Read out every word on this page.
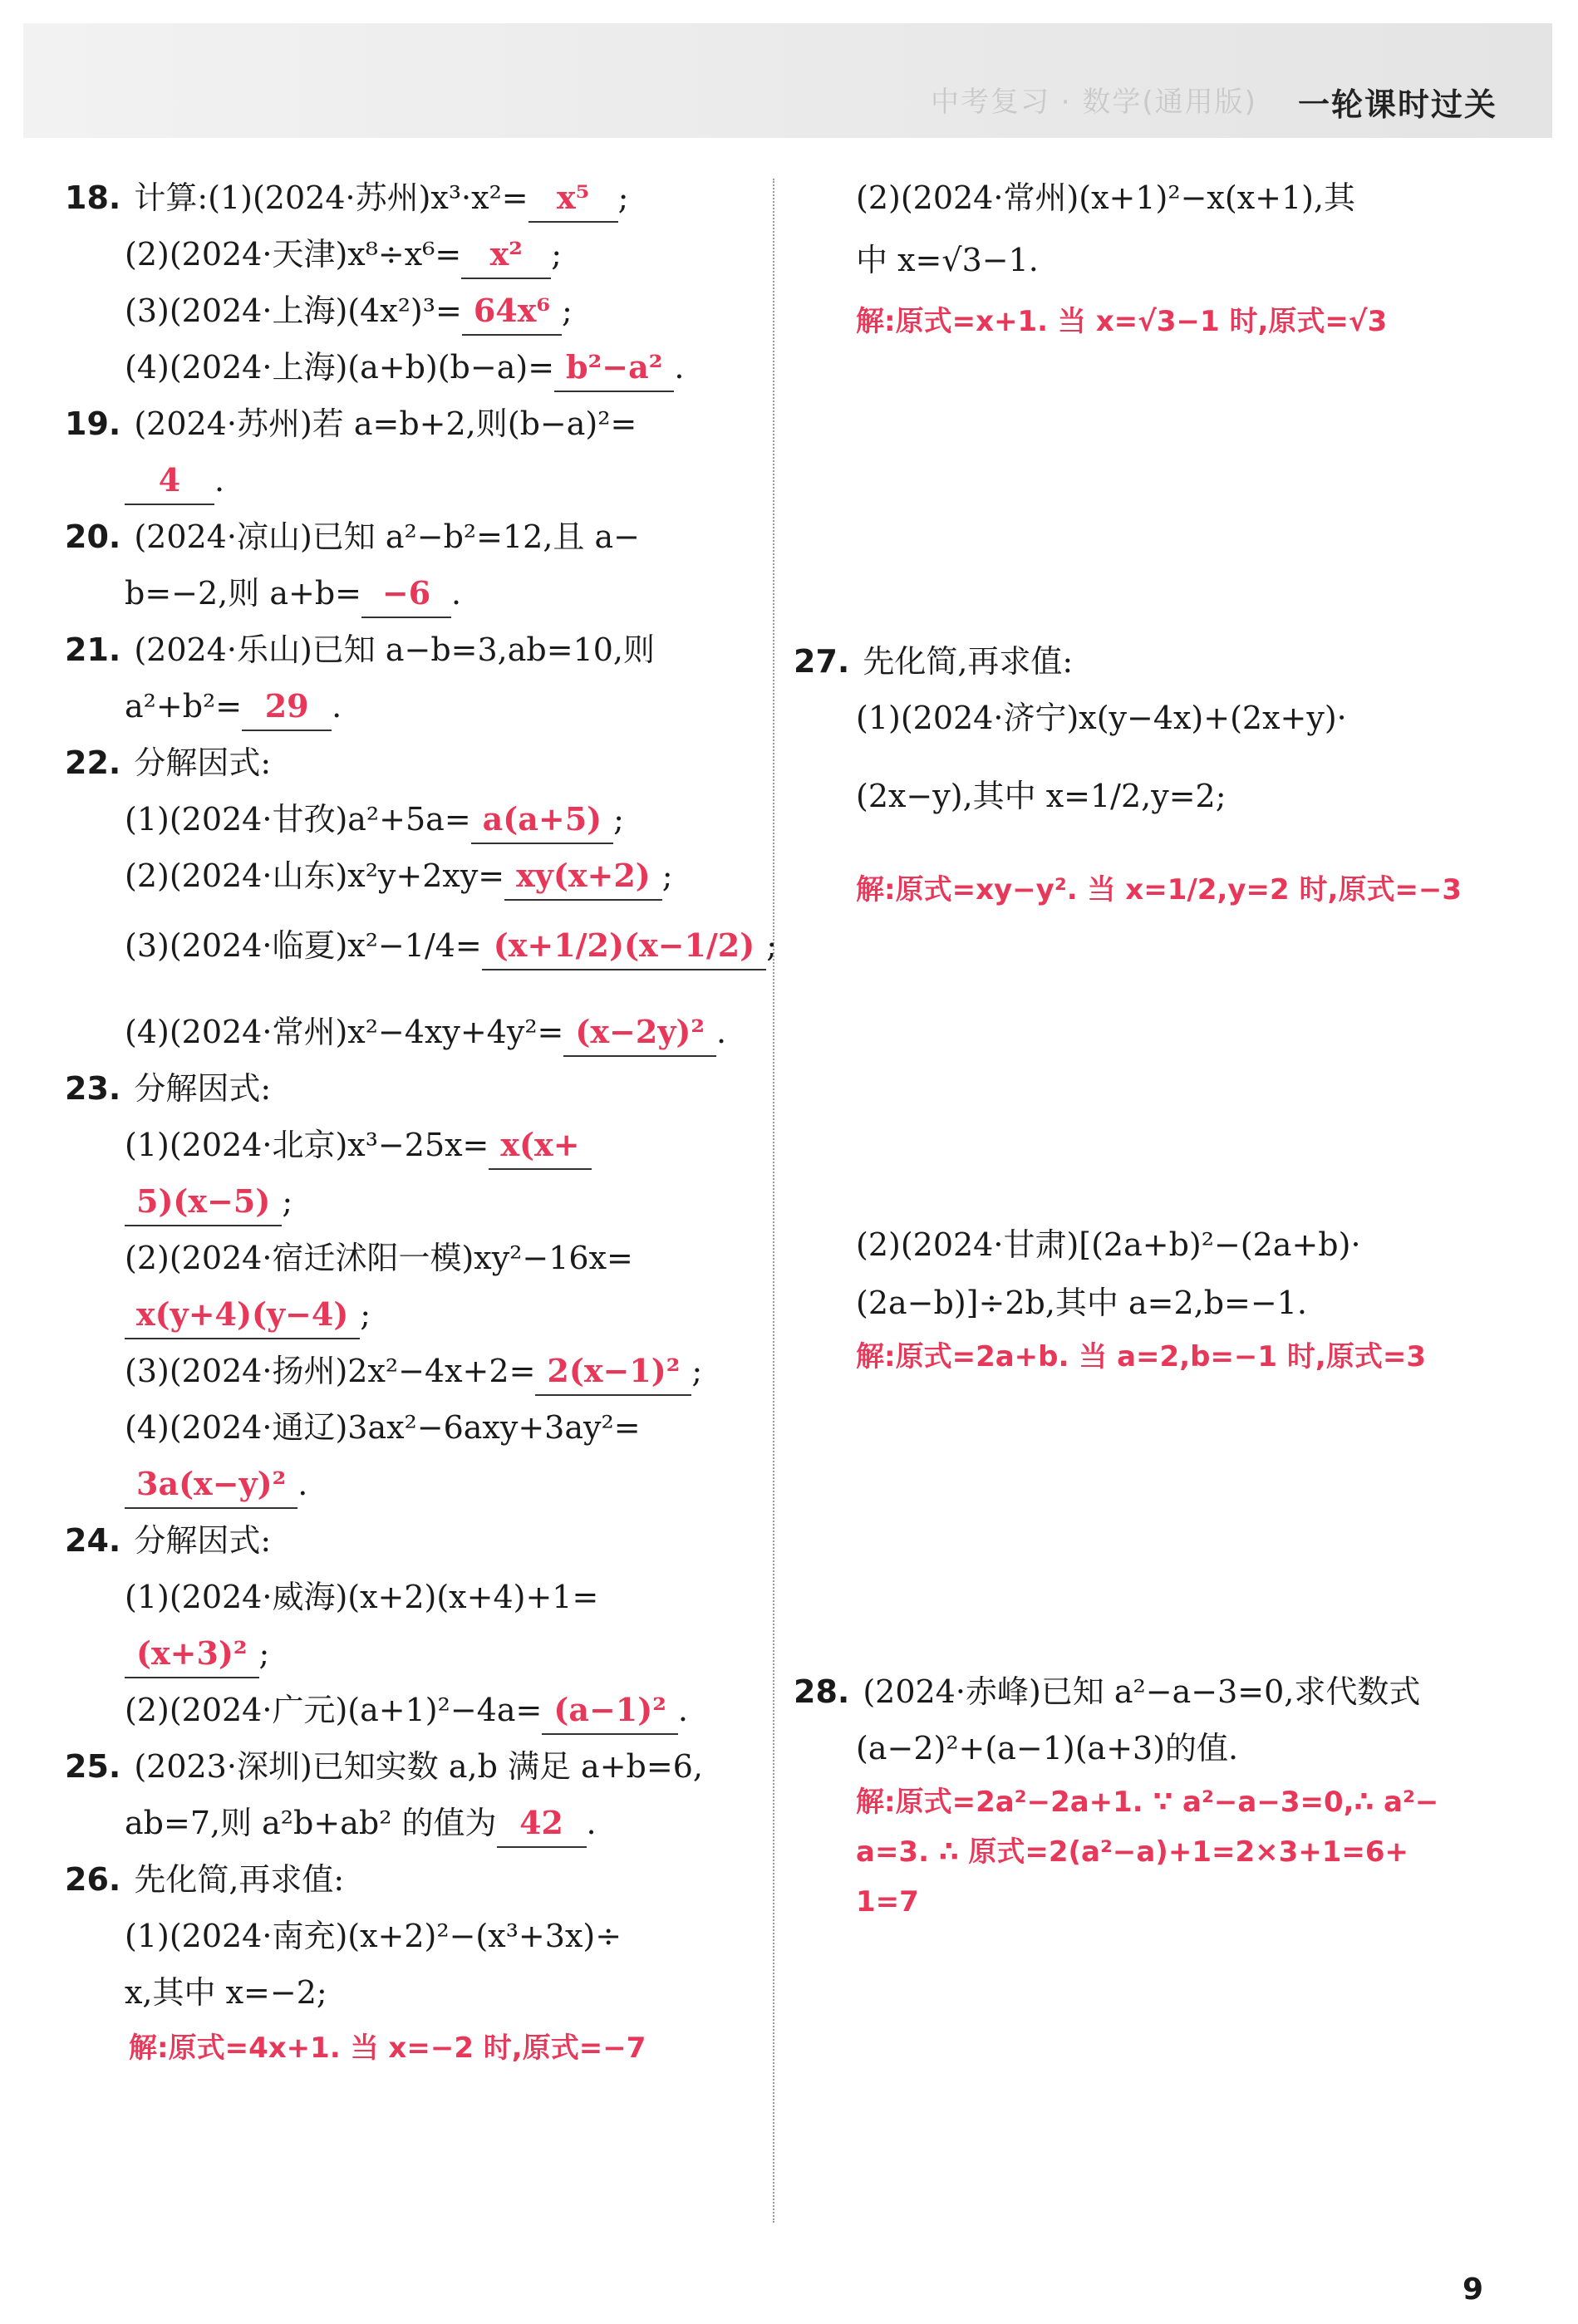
中考复习 · 数学(通用版) 一轮课时过关
18. 计算:(1)(2024·苏州)x³·x²= x⁵ ;
(2)(2024·天津)x⁸÷x⁶= x² ;
(3)(2024·上海)(4x²)³= 64x⁶ ;
(4)(2024·上海)(a+b)(b−a)= b²−a² .
19. (2024·苏州)若 a=b+2,则(b−a)²=
4 .
20. (2024·凉山)已知 a²−b²=12,且 a−
b=−2,则 a+b= −6 .
21. (2024·乐山)已知 a−b=3,ab=10,则
a²+b²= 29 .
22. 分解因式:
(1)(2024·甘孜)a²+5a= a(a+5) ;
(2)(2024·山东)x²y+2xy= xy(x+2) ;
(3)(2024·临夏)x²−1/4= (x+1/2)(x−1/2) ;
(4)(2024·常州)x²−4xy+4y²= (x−2y)² .
23. 分解因式:
(1)(2024·北京)x³−25x= x(x+
5)(x−5) ;
(2)(2024·宿迁沭阳一模)xy²−16x=
x(y+4)(y−4) ;
(3)(2024·扬州)2x²−4x+2= 2(x−1)² ;
(4)(2024·通辽)3ax²−6axy+3ay²=
3a(x−y)² .
24. 分解因式:
(1)(2024·威海)(x+2)(x+4)+1=
(x+3)² ;
(2)(2024·广元)(a+1)²−4a= (a−1)² .
25. (2023·深圳)已知实数 a,b 满足 a+b=6,
ab=7,则 a²b+ab² 的值为 42 .
26. 先化简,再求值:
(1)(2024·南充)(x+2)²−(x³+3x)÷
x,其中 x=−2;
解:原式=4x+1. 当 x=−2 时,原式=−7
(2)(2024·常州)(x+1)²−x(x+1),其
中 x=√3−1.
解:原式=x+1. 当 x=√3−1 时,原式=√3
27. 先化简,再求值:
(1)(2024·济宁)x(y−4x)+(2x+y)·
(2x−y),其中 x=1/2,y=2;
解:原式=xy−y². 当 x=1/2,y=2 时,原式=−3
(2)(2024·甘肃)[(2a+b)²−(2a+b)·
(2a−b)]÷2b,其中 a=2,b=−1.
解:原式=2a+b. 当 a=2,b=−1 时,原式=3
28. (2024·赤峰)已知 a²−a−3=0,求代数式
(a−2)²+(a−1)(a+3)的值.
解:原式=2a²−2a+1. ∵ a²−a−3=0,∴ a²−
a=3. ∴ 原式=2(a²−a)+1=2×3+1=6+
1=7
9
